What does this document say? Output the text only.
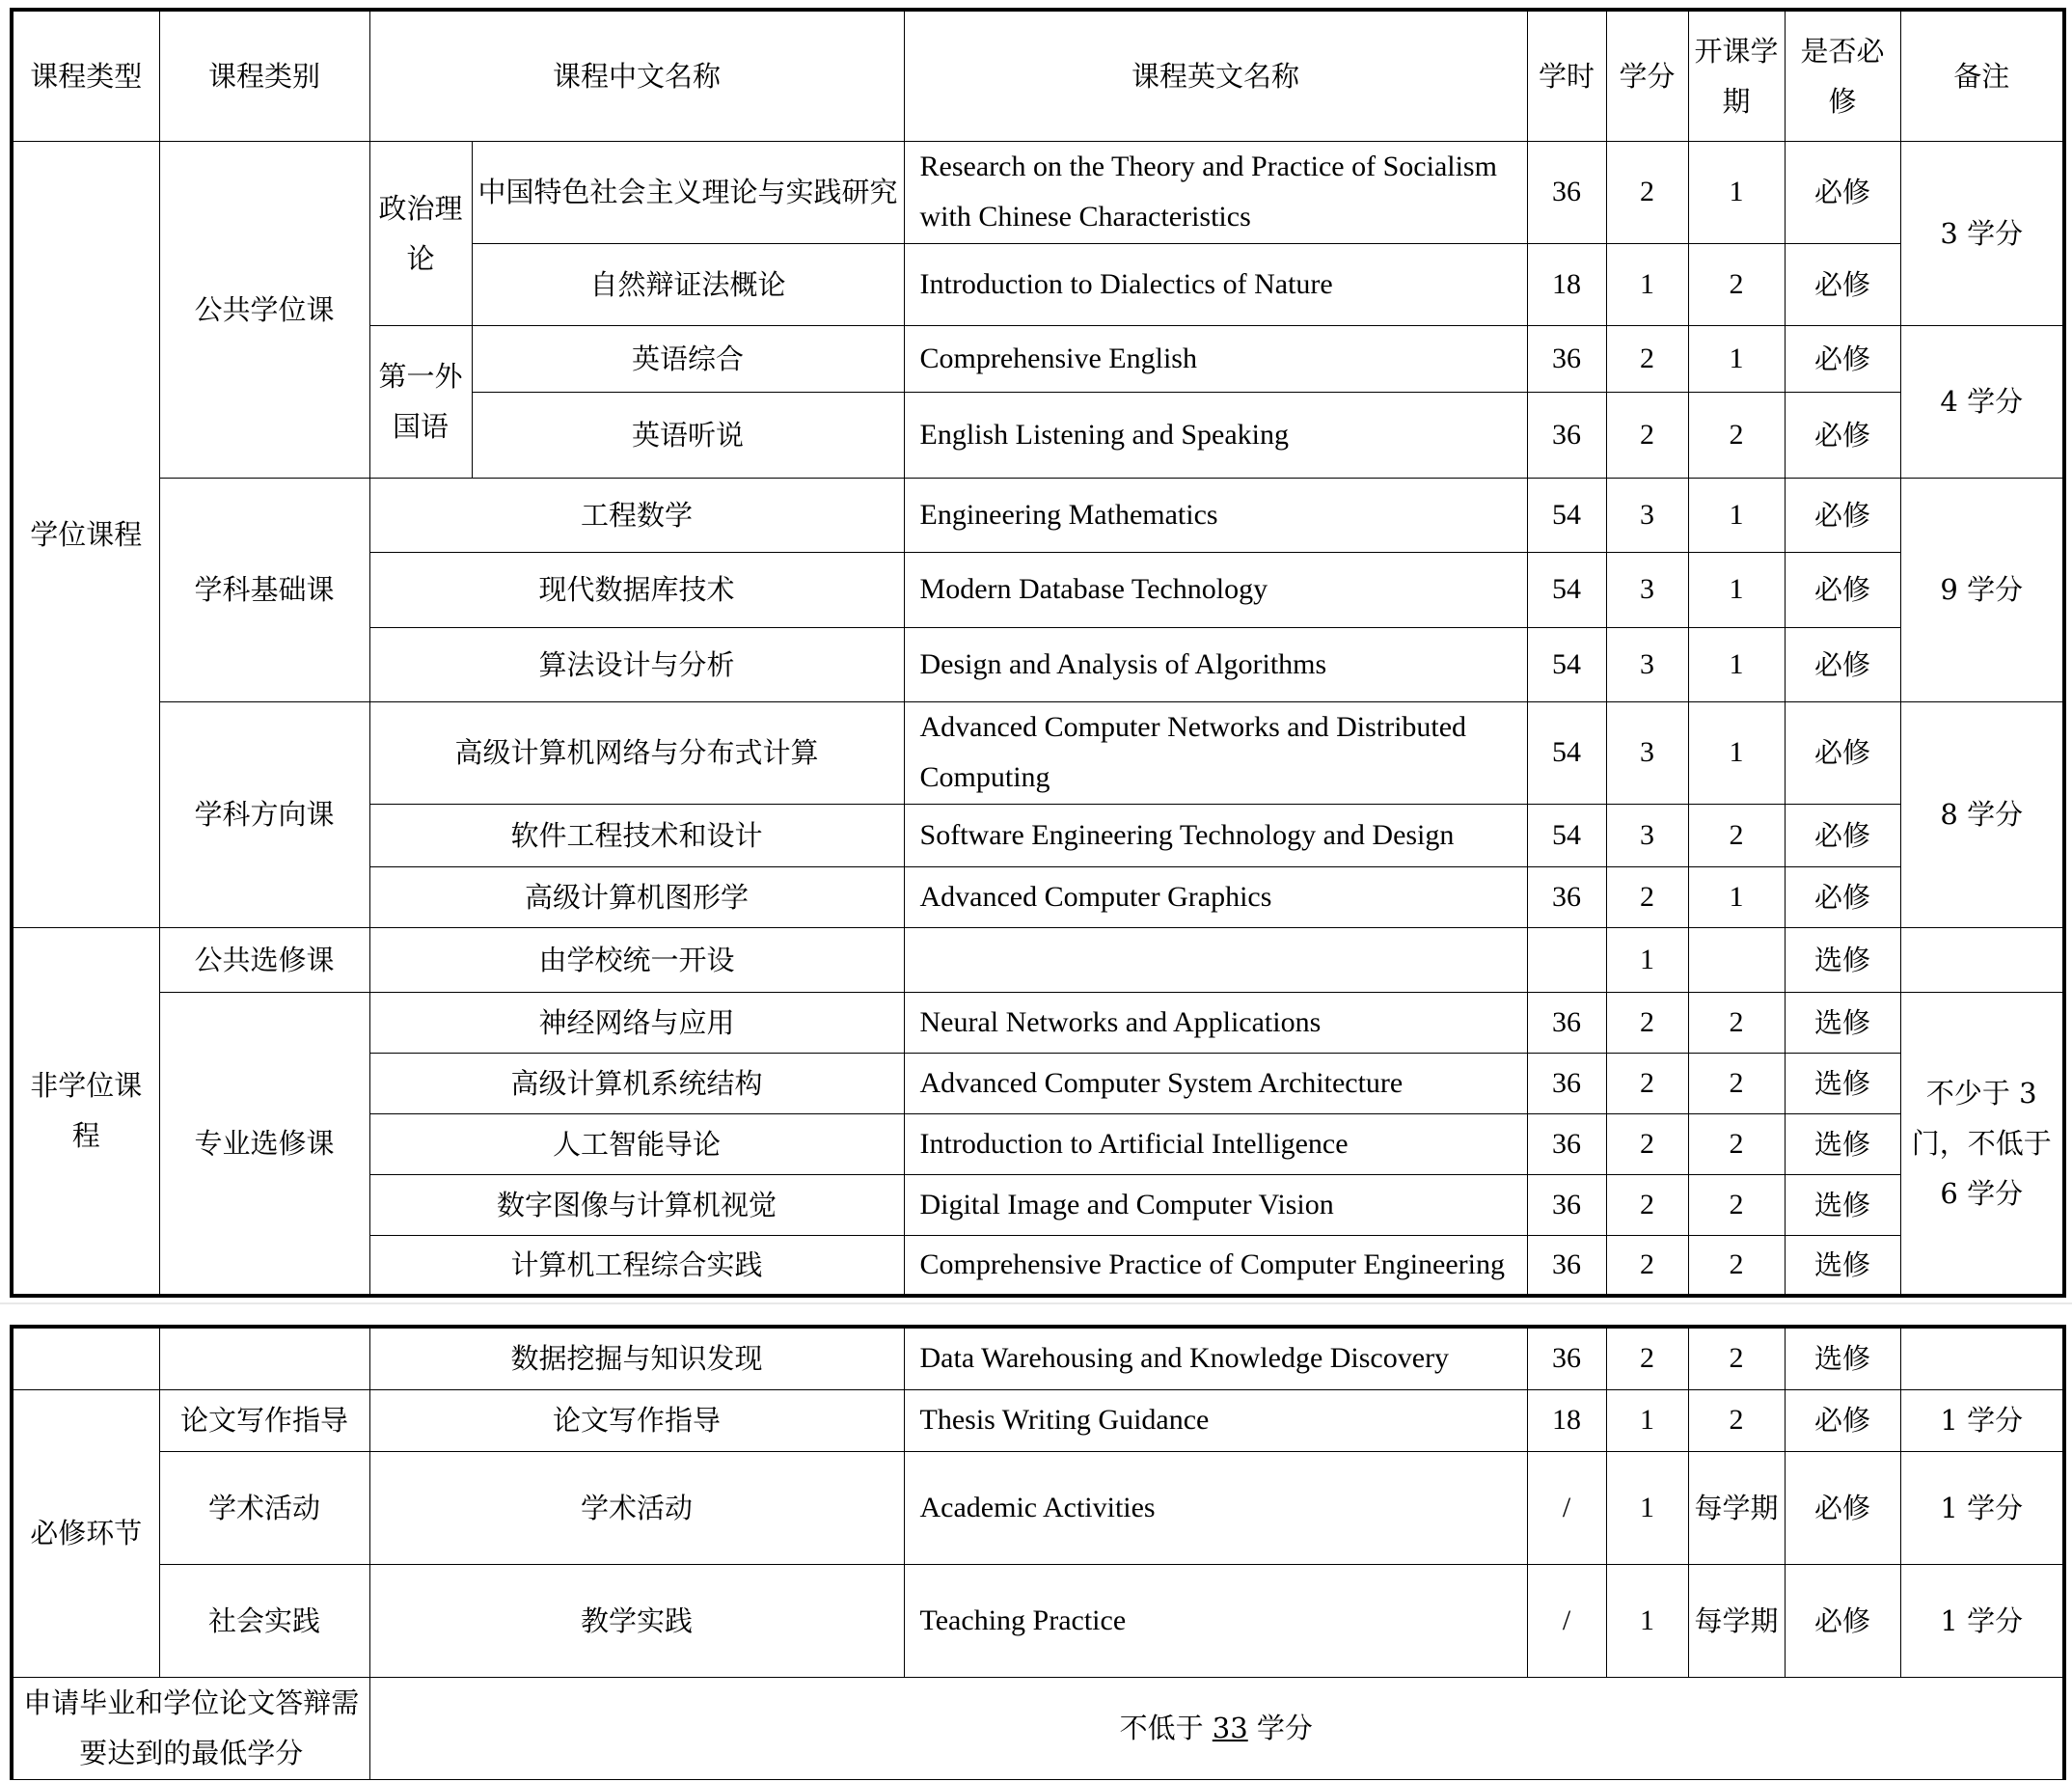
课程类型	课程类别	课程中文名称		课程英文名称	学时	学分	开课学期	是否必修	备注
学位课程	公共学位课	政治理论	中国特色社会主义理论与实践研究	Research on the Theory and Practice of Socialism with Chinese Characteristics	36	2	1	必修	3 学分
			自然辩证法概论	Introduction to Dialectics of Nature	18	1	2	必修	
		第一外国语	英语综合	Comprehensive English	36	2	1	必修	4 学分
			英语听说	English Listening and Speaking	36	2	2	必修	
	学科基础课	工程数学		Engineering Mathematics	54	3	1	必修	9 学分
		现代数据库技术		Modern Database Technology	54	3	1	必修	
		算法设计与分析		Design and Analysis of Algorithms	54	3	1	必修	
	学科方向课	高级计算机网络与分布式计算		Advanced Computer Networks and Distributed Computing	54	3	1	必修	8 学分
		软件工程技术和设计		Software Engineering Technology and Design	54	3	2	必修	
		高级计算机图形学		Advanced Computer Graphics	36	2	1	必修	
非学位课程	公共选修课	由学校统一开设				1		选修	
	专业选修课	神经网络与应用		Neural Networks and Applications	36	2	2	选修	不少于 3 门，不低于 6 学分
		高级计算机系统结构		Advanced Computer System Architecture	36	2	2	选修	
		人工智能导论		Introduction to Artificial Intelligence	36	2	2	选修	
		数字图像与计算机视觉		Digital Image and Computer Vision	36	2	2	选修	
		计算机工程综合实践		Comprehensive Practice of Computer Engineering	36	2	2	选修	
		数据挖掘与知识发现	Data Warehousing and Knowledge Discovery	36	2	2	选修	
必修环节	论文写作指导	论文写作指导	Thesis Writing Guidance	18	1	2	必修	1 学分
	学术活动	学术活动	Academic Activities	/	1	每学期	必修	1 学分
	社会实践	教学实践	Teaching Practice	/	1	每学期	必修	1 学分
申请毕业和学位论文答辩需要达到的最低学分		不低于 33 学分						
